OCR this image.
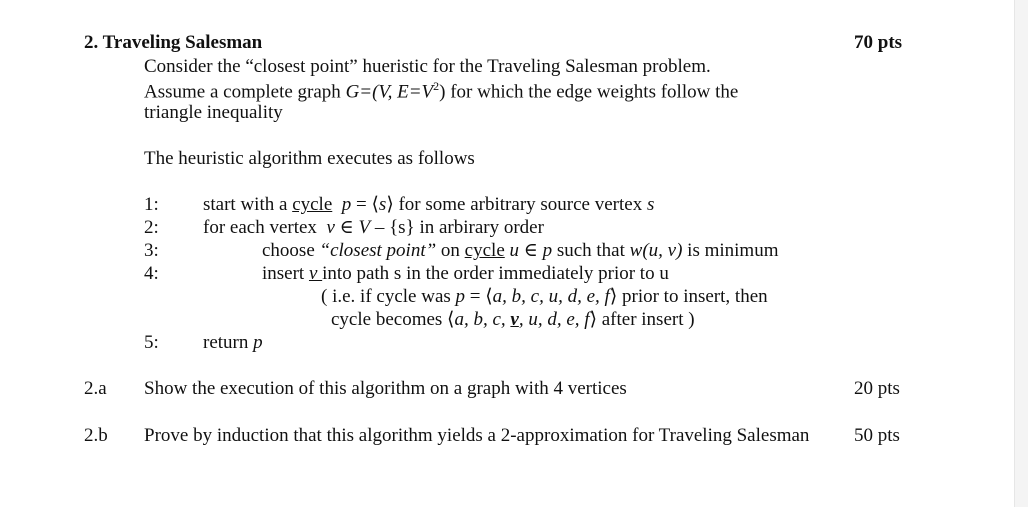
2. Traveling Salesman	70 pts
Consider the “closest point” hueristic for the Traveling Salesman problem.
Assume a complete graph G=(V, $E=V^2$) for which the edge weights follow the
triangle inequality
The heuristic algorithm executes as follows
1:
2:
3:
4:
5:
start with a cycle p = ⟨s⟩ for some arbitrary source vertex s
for each vertex  v ∈ V – {s} in arbirary order
choose “closest point” on cycle u ∈ p such that w(u, v) is minimum
insert v into path s in the order immediately prior to u
( i.e. if cycle was p = ⟨a, b, c, u, d, e, f⟩ prior to insert, then
cycle becomes ⟨a, b, c, v, u, d, e, f⟩ after insert )
return p
2.a Show the execution of this algorithm on a graph with 4 vertices	20 pts
2.b Prove by induction that this algorithm yields a 2-approximation for Traveling Salesman 50 pts
